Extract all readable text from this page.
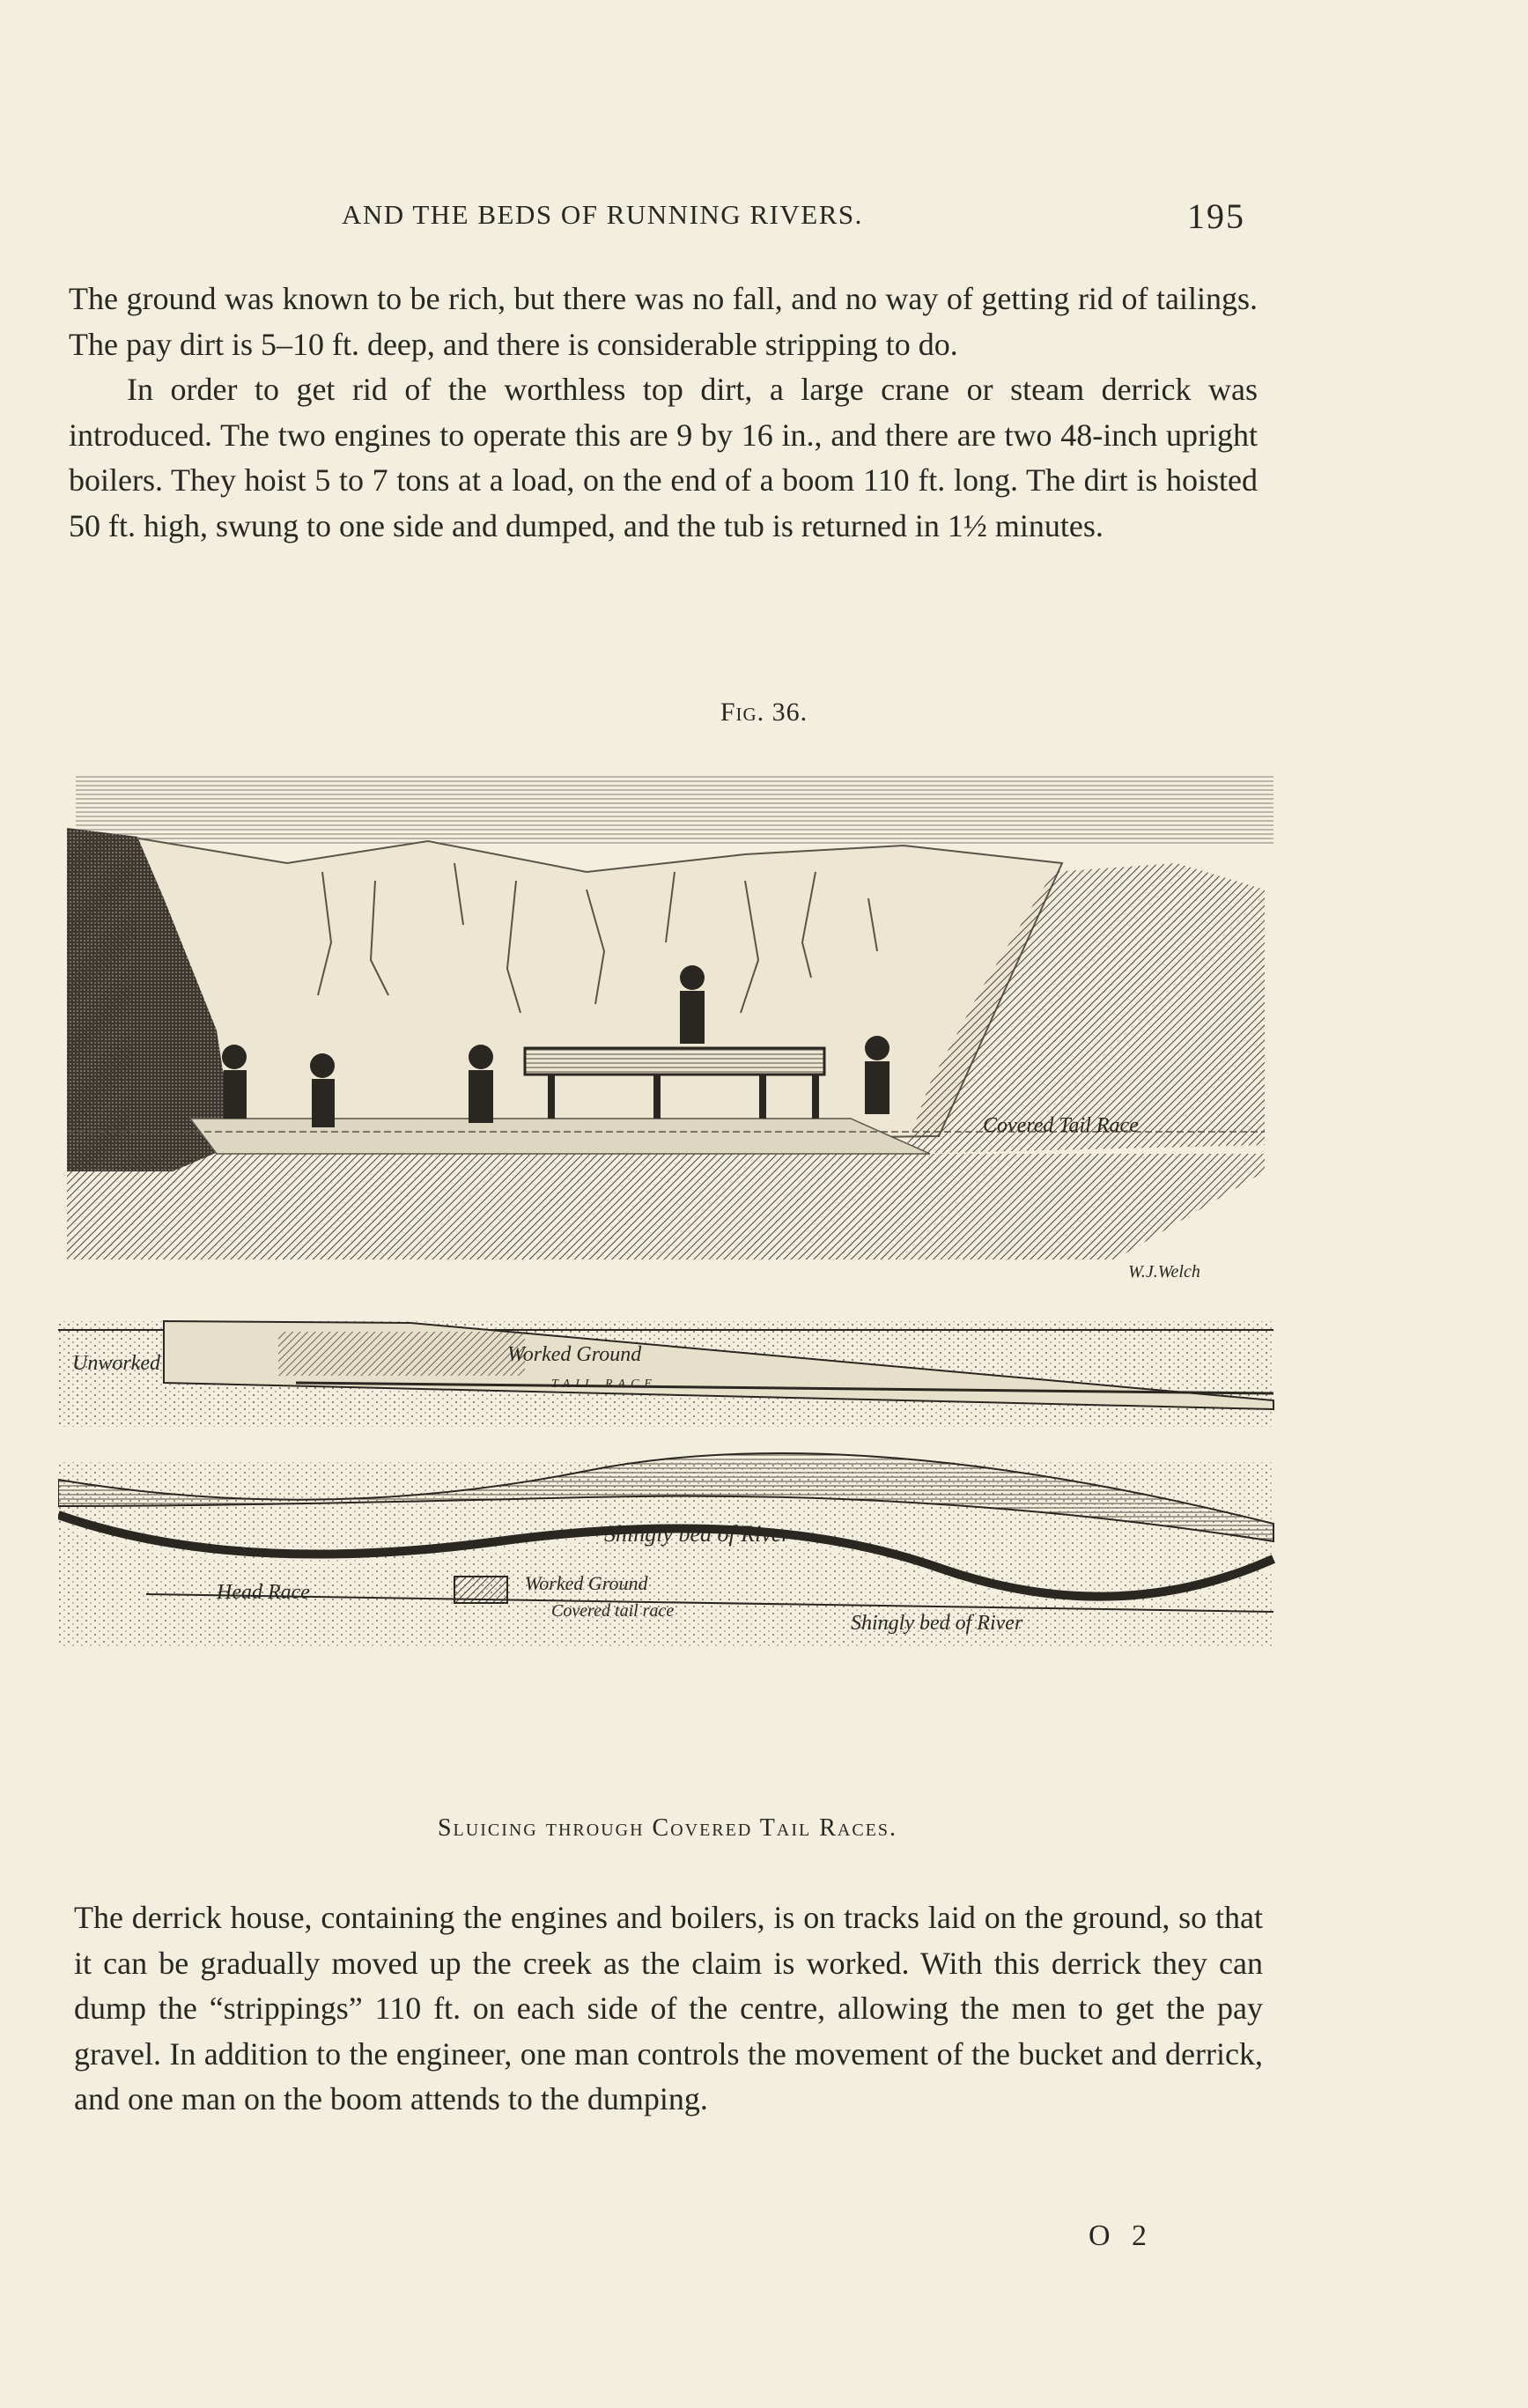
AND THE BEDS OF RUNNING RIVERS.	195

The ground was known to be rich, but there was no fall, and no way of getting rid of tailings. The pay dirt is 5–10 ft. deep, and there is considerable stripping to do.

In order to get rid of the worthless top dirt, a large crane or steam derrick was introduced. The two engines to operate this are 9 by 16 in., and there are two 48-inch upright boilers. They hoist 5 to 7 tons at a load, on the end of a boom 110 ft. long. The dirt is hoisted 50 ft. high, swung to one side and dumped, and the tub is returned in 1½ minutes.

Fig. 36.
Covered Tail Race
Unworked	Worked Ground
TAIL RACE
Shingly bed of River
Head Race	Worked Ground
Covered tail race
Shingly bed of River
W.J.Welch
Sluicing through Covered Tail Races.

The derrick house, containing the engines and boilers, is on tracks laid on the ground, so that it can be gradually moved up the creek as the claim is worked. With this derrick they can dump the “strippings” 110 ft. on each side of the centre, allowing the men to get the pay gravel. In addition to the engineer, one man controls the movement of the bucket and derrick, and one man on the boom attends to the dumping.

O 2
